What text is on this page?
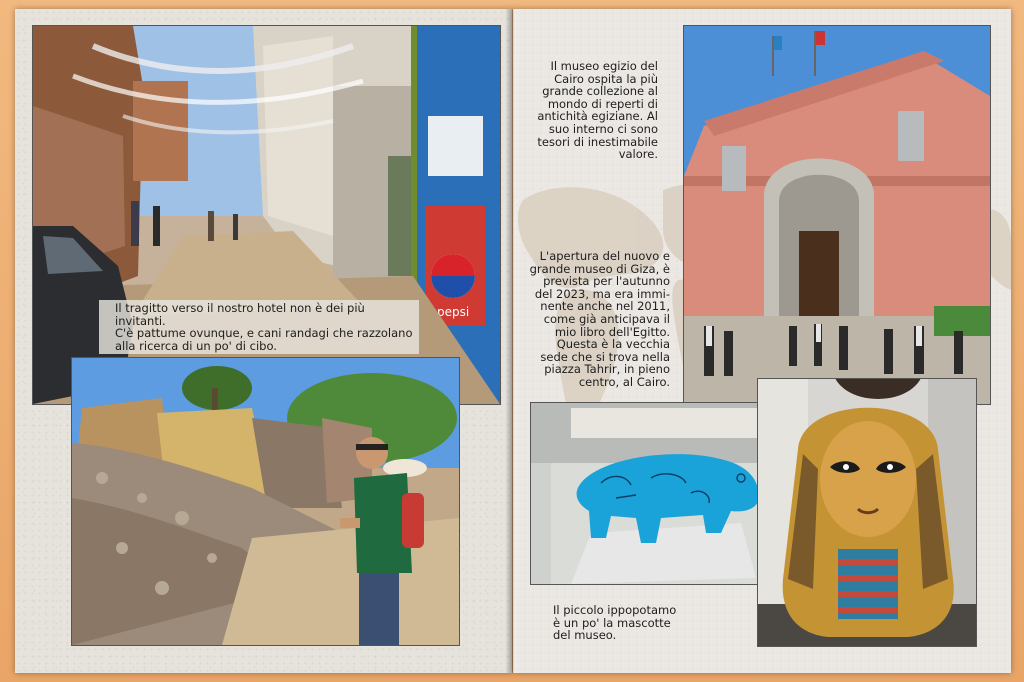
pepsi
Il tragitto verso il nostro hotel non è dei più invitanti.
C'è pattume ovunque, e cani randagi che razzolano
alla ricerca di un po' di cibo.
Il museo egizio del
Cairo ospita la più
grande collezione al
mondo di reperti di
antichità egiziane. Al
suo interno ci sono
tesori di inestimabile
valore.
L'apertura del nuovo e
grande museo di Giza, è
prevista per l'autunno
del 2023, ma era immi-
nente anche nel 2011,
come già anticipava il
mio libro dell'Egitto.
Questa è la vecchia
sede che si trova nella
piazza Tahrir, in pieno
centro, al Cairo.
Il piccolo ippopotamo
è un po' la mascotte
del museo.
